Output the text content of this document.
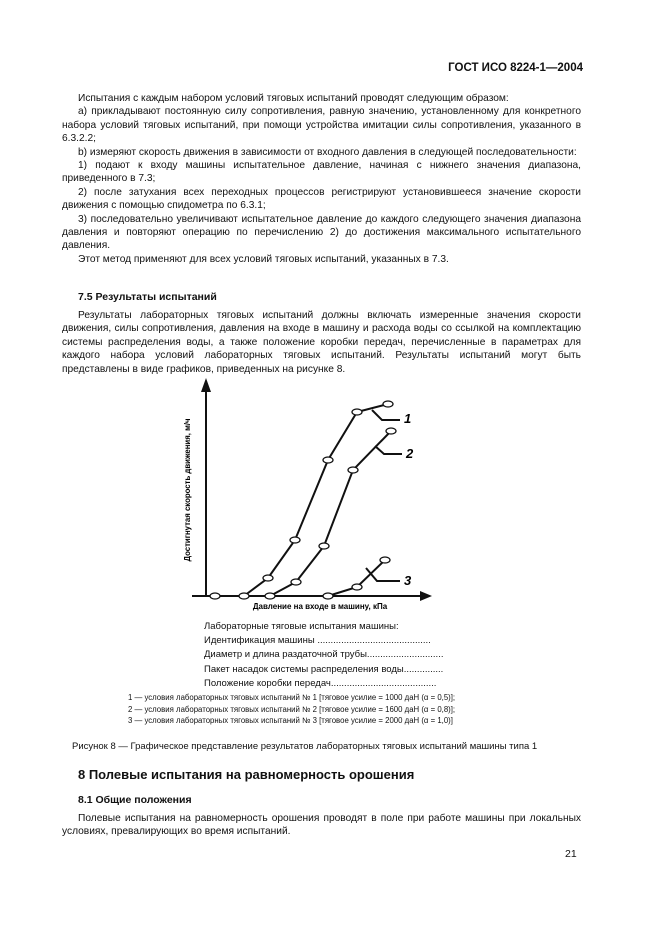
ГОСТ ИСО 8224-1—2004

Испытания с каждым набором условий тяговых испытаний проводят следующим образом:

а) прикладывают постоянную силу сопротивления, равную значению, установленному для конкретного набора условий тяговых испытаний, при помощи устройства имитации силы сопротивления, указанного в 6.3.2.2;

b) измеряют скорость движения в зависимости от входного давления в следующей последовательности:

1) подают к входу машины испытательное давление, начиная с нижнего значения диапазона, приведенного в 7.3;

2) после затухания всех переходных процессов регистрируют установившееся значение скорости движения с помощью спидометра по 6.3.1;

3) последовательно увеличивают испытательное давление до каждого следующего значения диапазона давления и повторяют операцию по перечислению 2) до достижения максимального испытательного давления.

Этот метод применяют для всех условий тяговых испытаний, указанных в 7.3.

7.5 Результаты испытаний

Результаты лабораторных тяговых испытаний должны включать измеренные значения скорости движения, силы сопротивления, давления на входе в машину и расхода воды со ссылкой на комплектацию системы распределения воды, а также положение коробки передач, перечисленные в параметрах для каждого набора условий лабораторных тяговых испытаний. Результаты испытаний могут быть представлены в виде графиков, приведенных на рисунке 8.

Достигнутая скорость движения, м/ч
Давление на входе в машину, кПа
1
2
3
Лабораторные тяговые испытания машины:
Идентификация машины ...........................................
Диаметр и длина раздаточной трубы.............................
Пакет насадок системы распределения воды...............
Положение коробки передач........................................
1 — условия лабораторных тяговых испытаний № 1 [тяговое усилие = 1000 даН (α = 0,5)];
2 — условия лабораторных тяговых испытаний № 2 [тяговое усилие = 1600 даН (α = 0,8)];
3 — условия лабораторных тяговых испытаний № 3 [тяговое усилие = 2000 даН (α = 1,0)]
Рисунок 8 — Графическое представление результатов лабораторных тяговых испытаний машины типа 1
8 Полевые испытания на равномерность орошения
8.1 Общие положения

Полевые испытания на равномерность орошения проводят в поле при работе машины при локальных условиях, превалирующих во время испытаний.

21
